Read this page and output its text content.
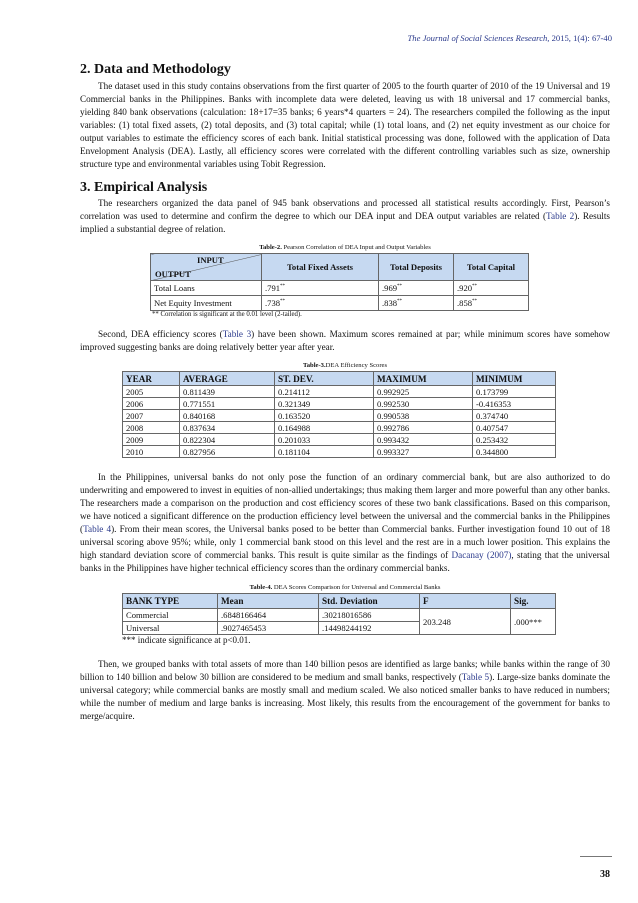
The Journal of Social Sciences Research, 2015, 1(4): 67-40
2. Data and Methodology

The dataset used in this study contains observations from the first quarter of 2005 to the fourth quarter of 2010 of the 19 Universal and 19 Commercial banks in the Philippines. Banks with incomplete data were deleted, leaving us with 18 universal and 17 commercial banks, yielding 840 bank observations (calculation: 18+17=35 banks; 6 years*4 quarters = 24). The researchers compiled the following as the input variables: (1) total fixed assets, (2) total deposits, and (3) total capital; while (1) total loans, and (2) net equity investment as our choice for output variables to estimate the efficiency scores of each bank. Initial statistical processing was done, followed with the application of Data Envelopment Analysis (DEA). Lastly, all efficiency scores were correlated with the different controlling variables such as size, ownership structure type and environmental variables using Tobit Regression.

3. Empirical Analysis

The researchers organized the data panel of 945 bank observations and processed all statistical results accordingly. First, Pearson’s correlation was used to determine and confirm the degree to which our DEA input and DEA output variables are related (Table 2). Results implied a substantial degree of relation.

Table-2. Pearson Correlation of DEA Input and Output Variables

INPUT
OUTPUT	Total Fixed Assets	Total Deposits	Total Capital
Total Loans	.791**	.969**	.920**
Net Equity Investment	.738**	.838**	.858**
** Correlation is significant at the 0.01 level (2-tailed).

Second, DEA efficiency scores (Table 3) have been shown. Maximum scores remained at par; while minimum scores have somehow improved suggesting banks are doing relatively better year after year.

Table-3.DEA Efficiency Scores

YEAR	AVERAGE	ST. DEV.	MAXIMUM	MINIMUM
2005	0.811439	0.214112	0.992925	0.173799
2006	0.771551	0.321349	0.992530	-0.416353
2007	0.840168	0.163520	0.990538	0.374740
2008	0.837634	0.164988	0.992786	0.407547
2009	0.822304	0.201033	0.993432	0.253432
2010	0.827956	0.181104	0.993327	0.344800

In the Philippines, universal banks do not only pose the function of an ordinary commercial bank, but are also authorized to do underwriting and empowered to invest in equities of non-allied undertakings; thus making them larger and more powerful than any other banks. The researchers made a comparison on the production and cost efficiency scores of these two bank classifications. Based on this comparison, we have noticed a significant difference on the production efficiency level between the universal and the commercial banks in the Philippines (Table 4). From their mean scores, the Universal banks posed to be better than Commercial banks. Further investigation found 10 out of 18 universal scoring above 95%; while, only 1 commercial bank stood on this level and the rest are in a much lower position. This explains the high standard deviation score of commercial banks. This result is quite similar as the findings of Dacanay (2007), stating that the universal banks in the Philippines have higher technical efficiency scores than the ordinary commercial banks.

Table-4. DEA Scores Comparison for Universal and Commercial Banks

BANK TYPE	Mean	Std. Deviation	F	Sig.
Commercial	.6848166464	.30218016586	203.248	.000***
Universal	.9027465453	.14498244192		
*** indicate significance at p<0.01.

Then, we grouped banks with total assets of more than 140 billion pesos are identified as large banks; while banks within the range of 30 billion to 140 billion and below 30 billion are considered to be medium and small banks, respectively (Table 5). Large-size banks dominate the universal category; while commercial banks are mostly small and medium scaled. We also noticed smaller banks to have reduced in numbers; while the number of medium and large banks is increasing. Most likely, this results from the encouragement of the government for banks to merge/acquire.

38
